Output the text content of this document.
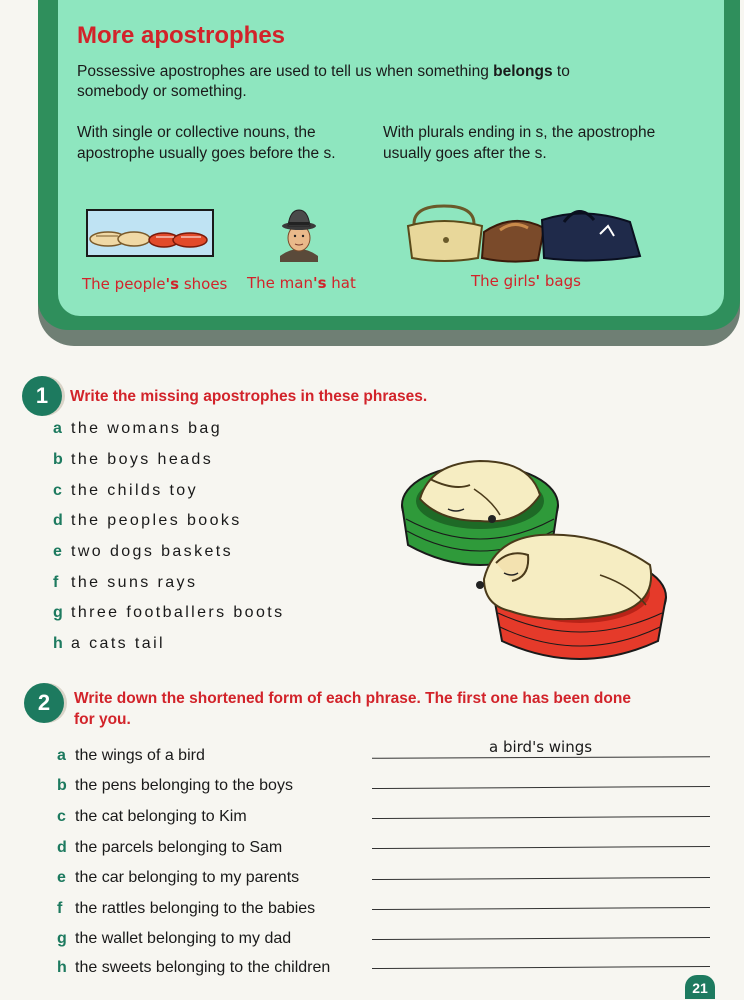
More apostrophes

Possessive apostrophes are used to tell us when something belongs to somebody or something.

With single or collective nouns, the apostrophe usually goes before the s.

With plurals ending in s, the apostrophe usually goes after the s.

The people's shoes The man's hat	The girls' bags
1	Write the missing apostrophes in these phrases.
a the womans bag
b the boys heads
c the childs toy
d the peoples books
e two dogs baskets
f the suns rays
g three footballers boots
h a cats tail
2	Write down the shortened form of each phrase. The first one has been done
for you.
a the wings of a bird	a bird's wings
b the pens belonging to the boys
c the cat belonging to Kim
d the parcels belonging to Sam
e the car belonging to my parents
f the rattles belonging to the babies
g the wallet belonging to my dad
h the sweets belonging to the children
21
